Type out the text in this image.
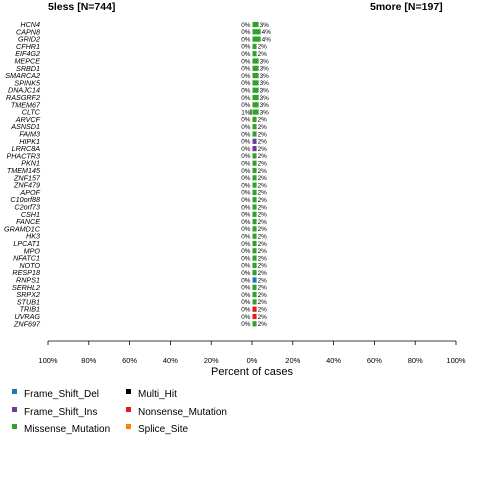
5less [N=744]	5more [N=197]
HCN4	0% 3%
CAPN8	0% 4%
GRID2	0% 4%
CFHR1	0% 2%
EIF4G2	0% 2%
MEPCE	0% 3%
SRBD1	0% 3%
SMARCA2	0% 3%
SPINK5	0% 3%
DNAJC14	0% 3%
RASGRF2	0% 3%
TMEM67	0% 3%
CLTC	1% 3%
ARVCF	0% 2%
ASNSD1	0% 2%
FAIM3	0% 2%
HIPK1	0% 2%
LRRC8A	0% 2%
PHACTR3	0% 2%
PKN1	0% 2%
TMEM145	0% 2%
ZNF157	0% 2%
ZNF479	0% 2%
APOF	0% 2%
C10orf88	0% 2%
C2orf73	0% 2%
CSH1	0% 2%
FANCE	0% 2%
GRAMD1C	0% 2%
HK3	0% 2%
LPCAT1	0% 2%
MPO	0% 2%
NFATC1	0% 2%
NOTO	0% 2%
RESP18	0% 2%
RNPS1	0% 2%
SERHL2	0% 2%
SRPX2	0% 2%
STUB1	0% 2%
TRIB1	0% 2%
UVRAG	0% 2%
ZNF697	0% 2%
100%	80%	60%	40%	20%	0%	20%	40%	60%	80%	100%
Percent of cases
Frame_Shift_Del	Multi_Hit
Frame_Shift_Ins	Nonsense_Mutation
Missense_Mutation	Splice_Site
